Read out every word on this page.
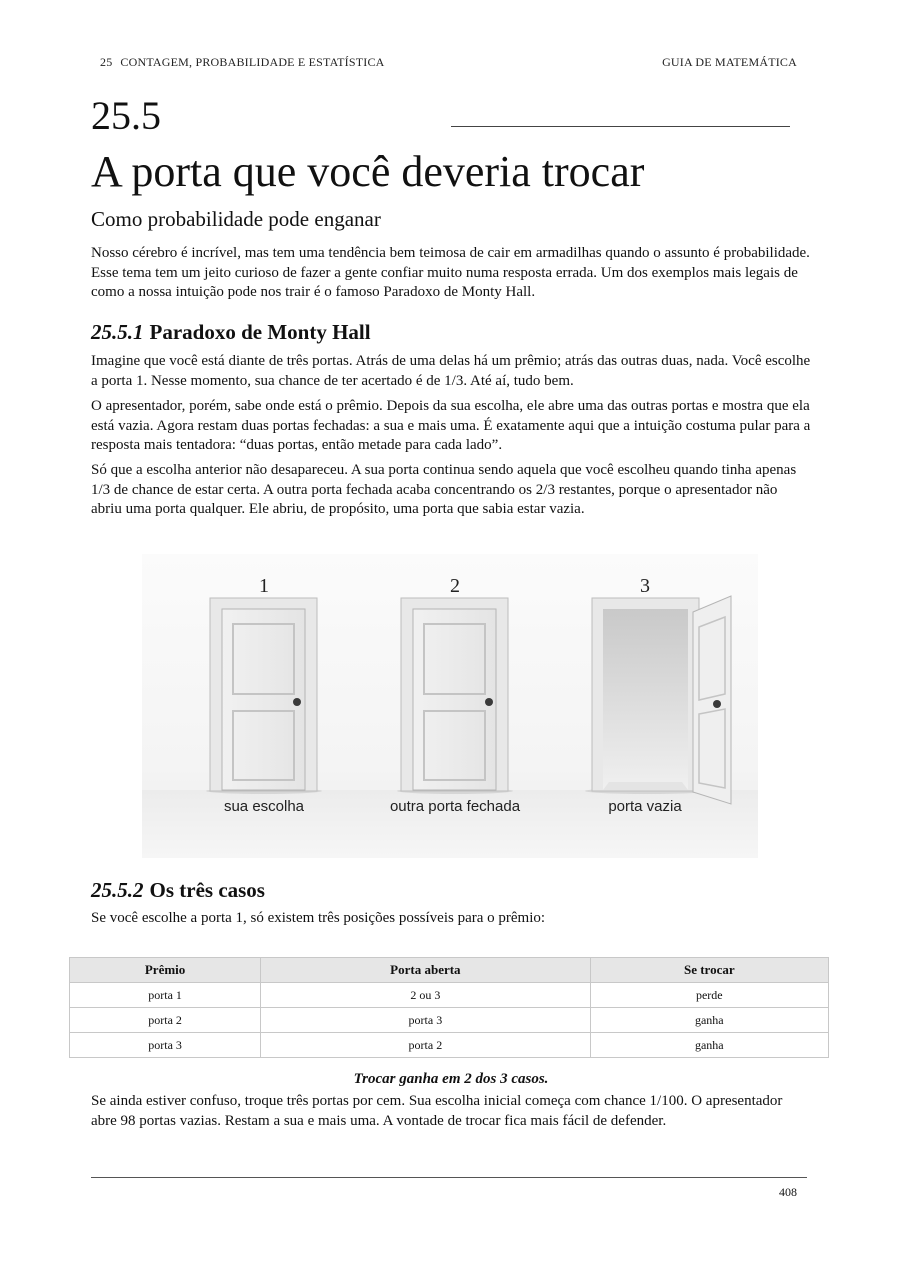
25 CONTAGEM, PROBABILIDADE E ESTATÍSTICA	GUIA DE MATEMÁTICA
25.5
A porta que você deveria trocar
Como probabilidade pode enganar
Nosso cérebro é incrível, mas tem uma tendência bem teimosa de cair em armadilhas quando o assunto é probabilidade. Esse tema tem um jeito curioso de fazer a gente confiar muito numa resposta errada. Um dos exemplos mais legais de como a nossa intuição pode nos trair é o famoso Paradoxo de Monty Hall.
25.5.1 Paradoxo de Monty Hall
Imagine que você está diante de três portas. Atrás de uma delas há um prêmio; atrás das outras duas, nada. Você escolhe a porta 1. Nesse momento, sua chance de ter acertado é de 1/3. Até aí, tudo bem.
O apresentador, porém, sabe onde está o prêmio. Depois da sua escolha, ele abre uma das outras portas e mostra que ela está vazia. Agora restam duas portas fechadas: a sua e mais uma. É exatamente aqui que a intuição costuma pular para a resposta mais tentadora: “duas portas, então metade para cada lado”.
Só que a escolha anterior não desapareceu. A sua porta continua sendo aquela que você escolheu quando tinha apenas 1/3 de chance de estar certa. A outra porta fechada acaba concentrando os 2/3 restantes, porque o apresentador não abriu uma porta qualquer. Ele abriu, de propósito, uma porta que sabia estar vazia.
1
sua escolha
2
outra porta fechada
3
porta vazia
25.5.2 Os três casos
Se você escolhe a porta 1, só existem três posições possíveis para o prêmio:
Prêmio	Porta aberta	Se trocar
porta 1	2 ou 3	perde
porta 2	porta 3	ganha
porta 3	porta 2	ganha
Trocar ganha em 2 dos 3 casos.
Se ainda estiver confuso, troque três portas por cem. Sua escolha inicial começa com chance 1/100. O apresentador abre 98 portas vazias. Restam a sua e mais uma. A vontade de trocar fica mais fácil de defender.
408
